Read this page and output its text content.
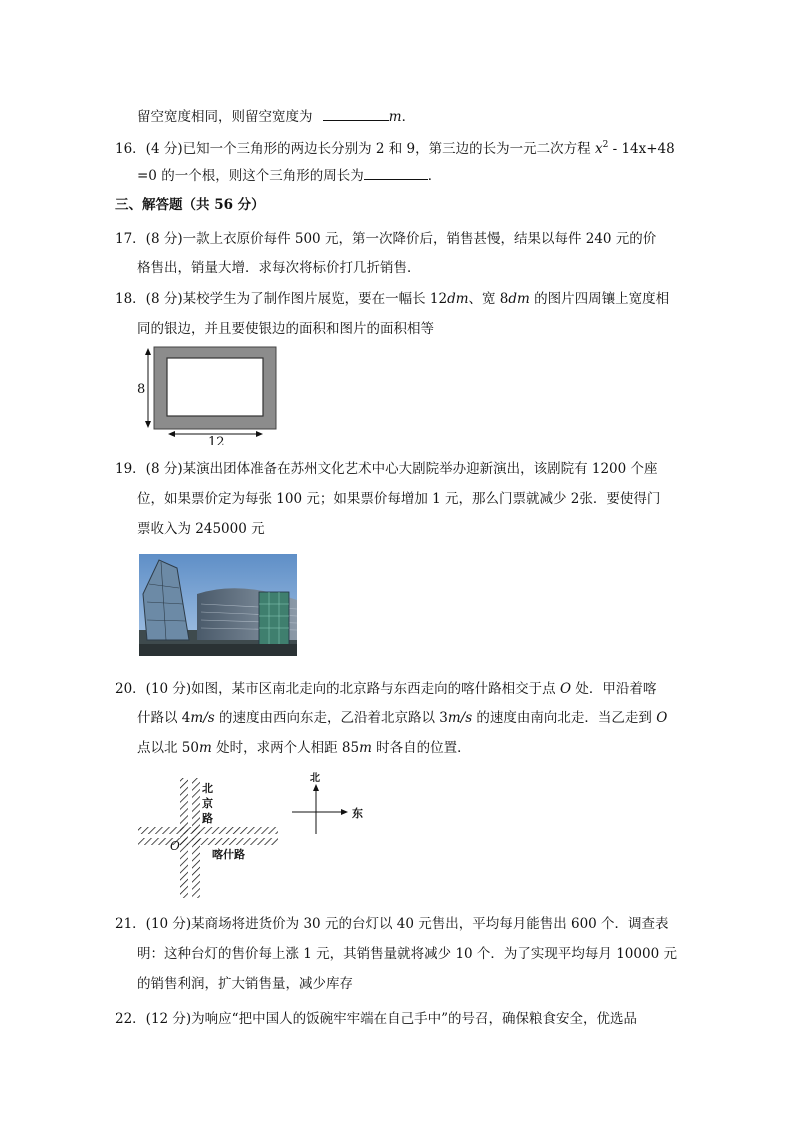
留空宽度相同，则留空宽度为	m．
16．(4 分)已知一个三角形的两边长分别为 2 和 9，第三边的长为一元二次方程 $x^2 - 14x+48$
=0 的一个根，则这个三角形的周长为	．
三、解答题（共 56 分）
17．(8 分)一款上衣原价每件 500 元，第一次降价后，销售甚慢，结果以每件 240 元的价
格售出，销量大增．求每次将标价打几折销售．
18．(8 分)某校学生为了制作图片展览，要在一幅长 12dm、宽 8dm 的图片四周镶上宽度相
同的银边，并且要使银边的面积和图片的面积相等
8
12
19．(8 分)某演出团体准备在苏州文化艺术中心大剧院举办迎新演出，该剧院有 1200 个座
位，如果票价定为每张 100 元；如果票价每增加 1 元，那么门票就减少 2张．要使得门
票收入为 245000 元
20．(10 分)如图，某市区南北走向的北京路与东西走向的喀什路相交于点 O 处．甲沿着喀
什路以 4m/s 的速度由西向东走，乙沿着北京路以 3m/s 的速度由南向北走．当乙走到 O
点以北 50m 处时，求两个人相距 85m 时各自的位置．
北
京
路
喀什路
O
北
东
21．(10 分)某商场将进货价为 30 元的台灯以 40 元售出，平均每月能售出 600 个．调查表
明：这种台灯的售价每上涨 1 元，其销售量就将减少 10 个．为了实现平均每月 10000 元
的销售利润，扩大销售量，减少库存
22．(12 分)为响应“把中国人的饭碗牢牢端在自己手中”的号召，确保粮食安全，优选品
